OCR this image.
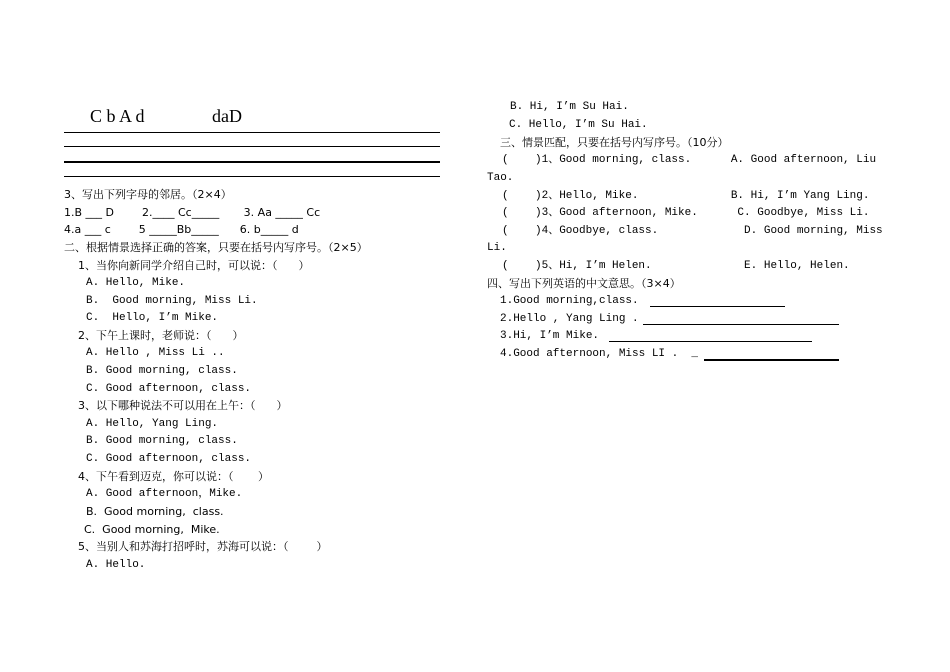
C b A d	daD
3、写出下列字母的邻居。（2×4）
1.B ___ D        2.____ Cc_____       3. Aa _____ Cc
4.a ___ c        5 _____Bb_____      6. b_____ d
二、根据情景选择正确的答案，只要在括号内写序号。（2×5）
1、当你向新同学介绍自己时，可以说：（      ）
A. Hello, Mike.
B.  Good morning, Miss Li.
C.  Hello, I’m Mike.
2、下午上课时，老师说：（      ）
A. Hello , Miss Li ..
B. Good morning, class.
C. Good afternoon, class.
3、以下哪种说法不可以用在上午：（      ）
A. Hello, Yang Ling.
B. Good morning, class.
C. Good afternoon, class.
4、下午看到迈克，你可以说：（       ）
A. Good afternoon，Mike.
B.  Good morning,  class.
C.  Good morning,  Mike.
5、当别人和苏海打招呼时，苏海可以说：（        ）
A. Hello.
B. Hi, I’m Su Hai.
C. Hello, I’m Su Hai.
三、情景匹配，只要在括号内写序号。（10分）
(    )1、Good morning, class.      A. Good afternoon, Liu
Tao.
(    )2、Hello, Mike.              B. Hi, I’m Yang Ling.
(    )3、Good afternoon, Mike.      C. Goodbye, Miss Li.
(    )4、Goodbye, class.             D. Good morning, Miss
Li.
(    )5、Hi, I’m Helen.              E. Hello, Helen.
四、写出下列英语的中文意思。（3×4）
1.Good morning,class.
2.Hello , Yang Ling .
3.Hi, I’m Mike.
4.Good afternoon, Miss LI .  _
